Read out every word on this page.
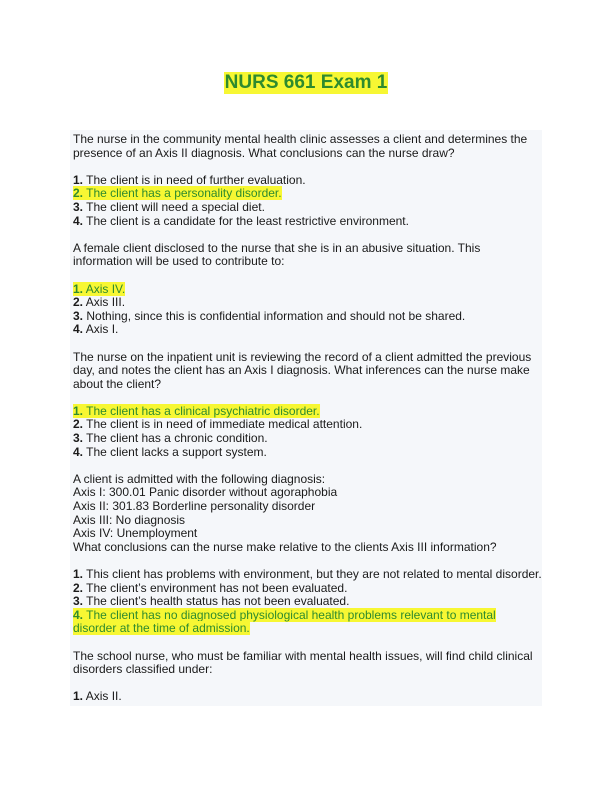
NURS 661 Exam 1
The nurse in the community mental health clinic assesses a client and determines the presence of an Axis II diagnosis. What conclusions can the nurse draw?
1. The client is in need of further evaluation.
2. The client has a personality disorder.
3. The client will need a special diet.
4. The client is a candidate for the least restrictive environment.
A female client disclosed to the nurse that she is in an abusive situation. This information will be used to contribute to:
1. Axis IV.
2. Axis III.
3. Nothing, since this is confidential information and should not be shared.
4. Axis I.
The nurse on the inpatient unit is reviewing the record of a client admitted the previous day, and notes the client has an Axis I diagnosis. What inferences can the nurse make about the client?
1. The client has a clinical psychiatric disorder.
2. The client is in need of immediate medical attention.
3. The client has a chronic condition.
4. The client lacks a support system.
A client is admitted with the following diagnosis:
Axis I: 300.01 Panic disorder without agoraphobia
Axis II: 301.83 Borderline personality disorder
Axis III: No diagnosis
Axis IV: Unemployment
What conclusions can the nurse make relative to the clients Axis III information?
1. This client has problems with environment, but they are not related to mental disorder.
2. The client’s environment has not been evaluated.
3. The client’s health status has not been evaluated.
4. The client has no diagnosed physiological health problems relevant to mental disorder at the time of admission.
The school nurse, who must be familiar with mental health issues, will find child clinical disorders classified under:
1. Axis II.
